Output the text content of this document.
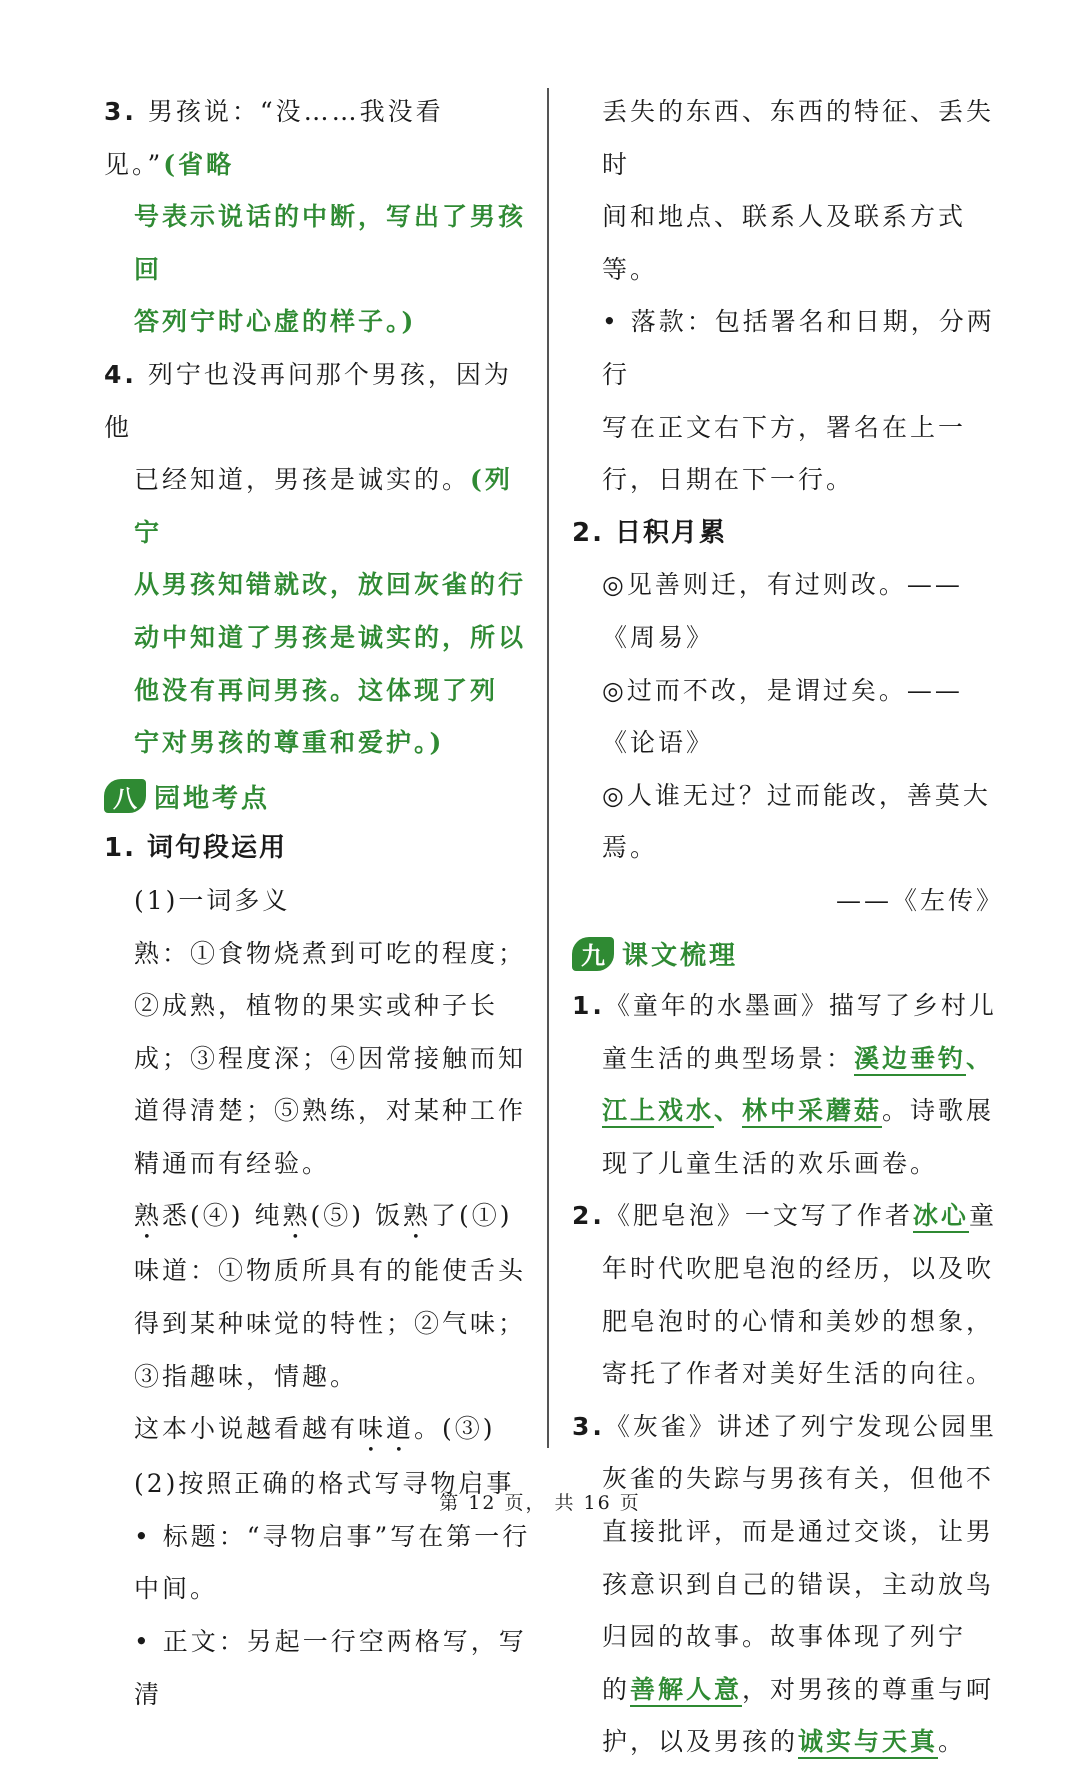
3. 男孩说：“没……我没看见。”(省略

号表示说话的中断，写出了男孩回

答列宁时心虚的样子。)

4. 列宁也没再问那个男孩，因为他

已经知道，男孩是诚实的。(列宁

从男孩知错就改，放回灰雀的行

动中知道了男孩是诚实的，所以

他没有再问男孩。这体现了列

宁对男孩的尊重和爱护。)

八 园地考点

1. 词句段运用

(1)一词多义

熟：①食物烧煮到可吃的程度；

②成熟，植物的果实或种子长

成；③程度深；④因常接触而知

道得清楚；⑤熟练，对某种工作

精通而有经验。

熟悉(④) 纯熟(⑤) 饭熟了(①)

味道：①物质所具有的能使舌头

得到某种味觉的特性；②气味；

③指趣味，情趣。

这本小说越看越有味道。(③)

(2)按照正确的格式写寻物启事

• 标题：“寻物启事”写在第一行

中间。

• 正文：另起一行空两格写，写清

丢失的东西、东西的特征、丢失时

间和地点、联系人及联系方式等。

• 落款：包括署名和日期，分两行

写在正文右下方，署名在上一

行，日期在下一行。

2. 日积月累

◎见善则迁，有过则改。——《周易》

◎过而不改，是谓过矣。——《论语》

◎人谁无过？过而能改，善莫大焉。

——《左传》

九 课文梳理

1.《童年的水墨画》描写了乡村儿

童生活的典型场景：溪边垂钓、

江上戏水、林中采蘑菇。诗歌展

现了儿童生活的欢乐画卷。

2.《肥皂泡》一文写了作者冰心童

年时代吹肥皂泡的经历，以及吹

肥皂泡时的心情和美妙的想象，

寄托了作者对美好生活的向往。

3.《灰雀》讲述了列宁发现公园里

灰雀的失踪与男孩有关，但他不

直接批评，而是通过交谈，让男

孩意识到自己的错误，主动放鸟

归园的故事。故事体现了列宁

的善解人意，对男孩的尊重与呵

护，以及男孩的诚实与天真。

第 12 页， 共 16 页
